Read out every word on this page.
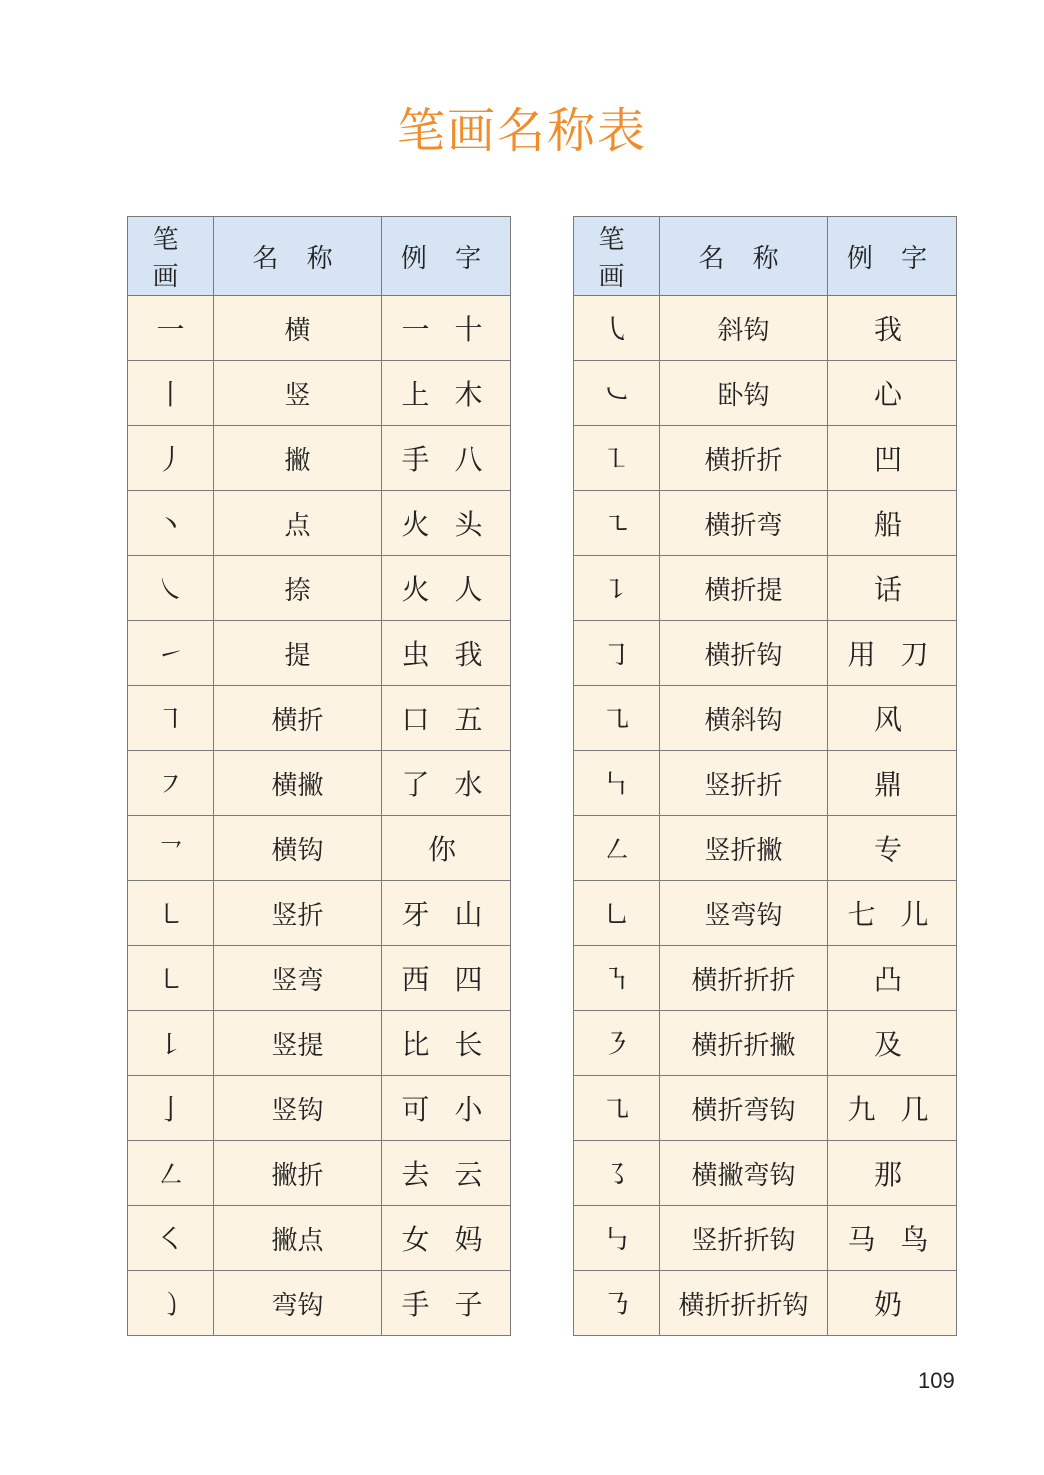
笔画名称表
笔 画	名 称	例 字
一	横	一 十
丨	竖	上 木
丿	撇	手 八
丶	点	火 头
㇏	捺	火 人
㇀	提	虫 我
㇕	横折	口 五
㇇	横撇	了 水
㇖	横钩	你
㇄	竖折	牙 山
㇄	竖弯	西 四
㇙	竖提	比 长
亅	竖钩	可 小
㇜	撇折	去 云
㇛	撇点	女 妈
㇁	弯钩	手 子
笔 画	名 称	例 字
㇂	斜钩	我
㇃	卧钩	心
㇅	横折折	凹
㇍	横折弯	船
㇊	横折提	话
㇆	横折钩	用 刀
㇈	横斜钩	风
㇞	竖折折	鼎
㇜	竖折撇	专
㇟	竖弯钩	七 儿
㇎	横折折折	凸
㇋	横折折撇	及
㇈	横折弯钩	九 几
㇌	横撇弯钩	那
㇉	竖折折钩	马 鸟
㇡	横折折折钩	奶
109
